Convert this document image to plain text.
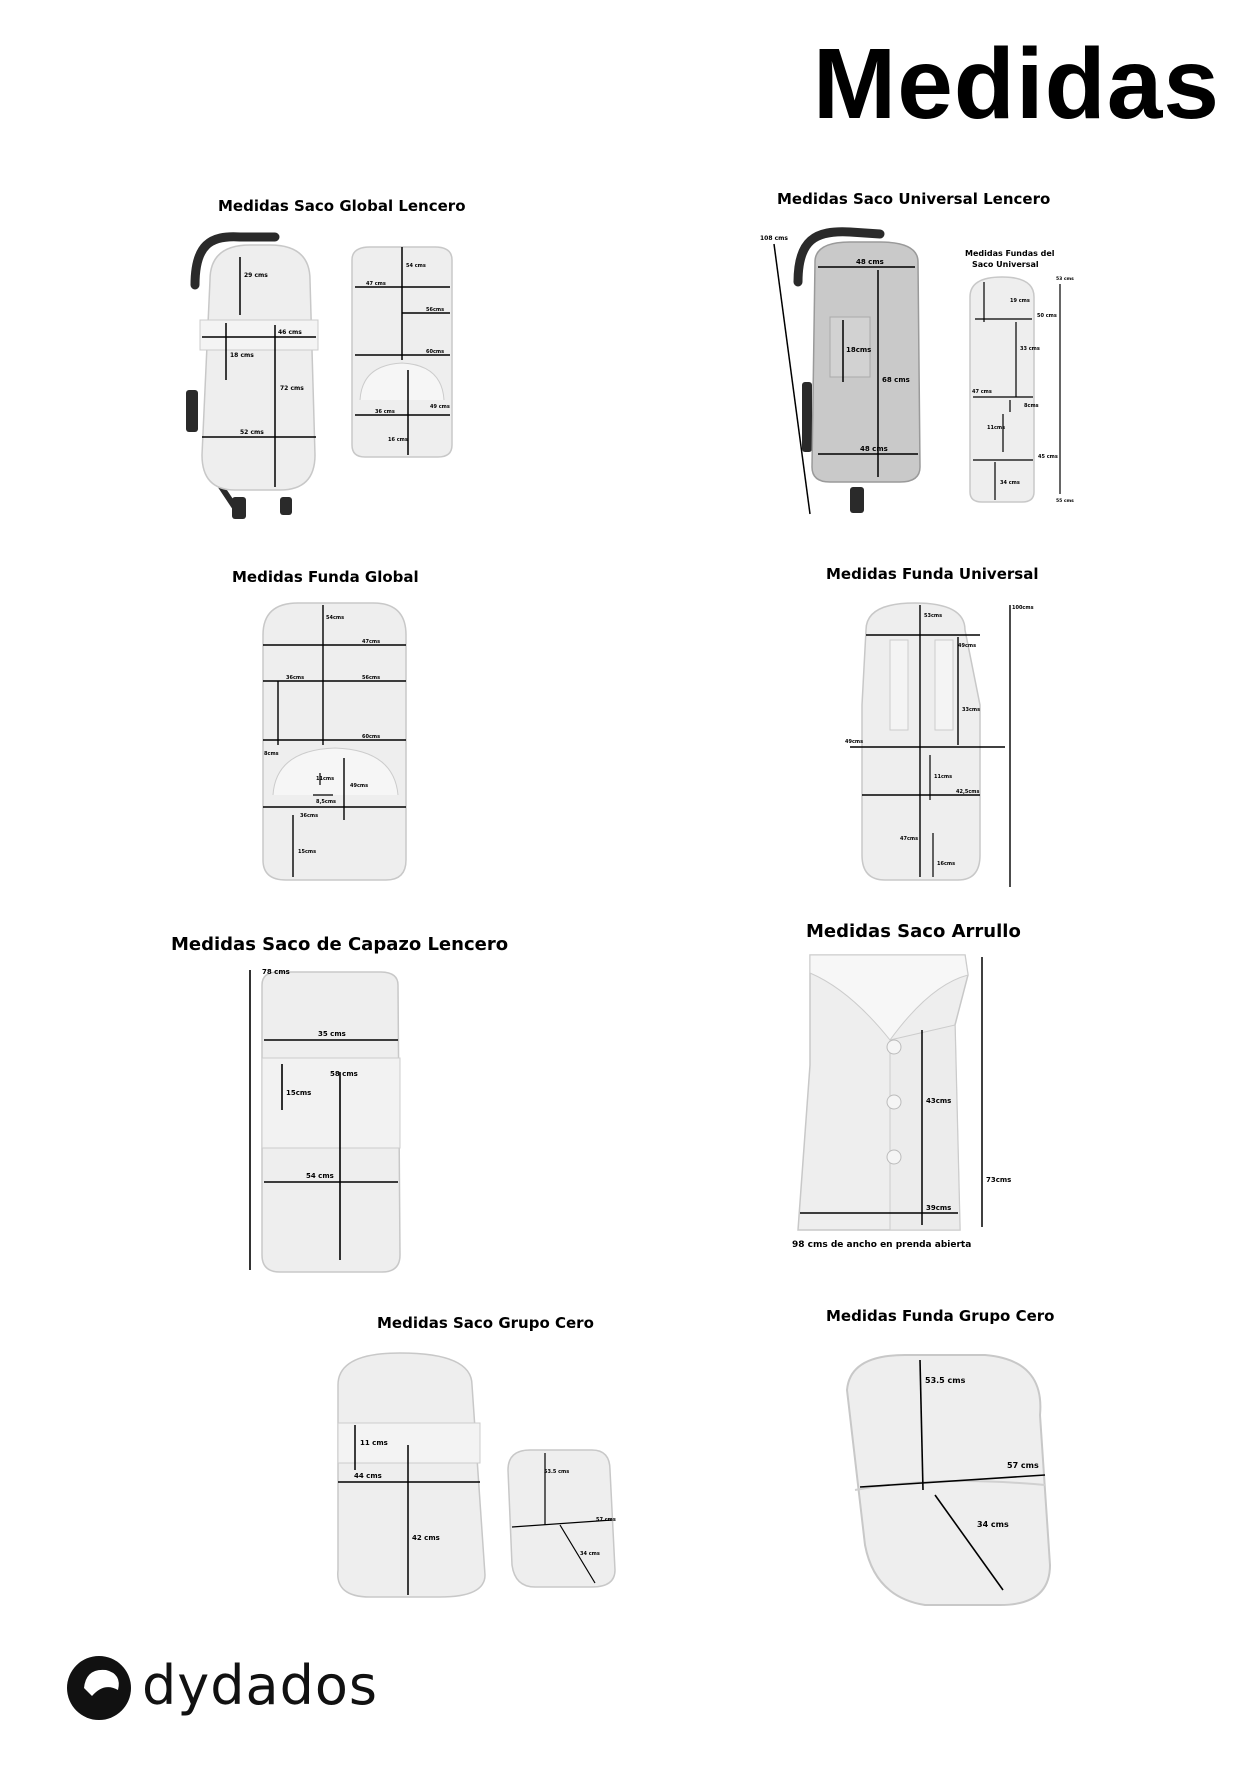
Medidas
Medidas Saco Global Lencero
29 cms
46 cms
18 cms
72 cms
52 cms
54 cms
47 cms
56cms
60cms
36 cms
49 cms
16 cms
Medidas Saco Universal Lencero
108 cms
48 cms
18cms
68 cms
48 cms
Medidas Fundas del
Saco Universal
53 cms
19 cms
50 cms
33 cms
47 cms
8cms
11cms
45 cms
34 cms
55 cms
Medidas Funda Global
54cms
47cms
36cms	56cms
60cms
8cms
11cms
49cms
8,5cms
36cms
15cms
Medidas Funda Universal
53cms
100cms
49cms
33cms
49cms
11cms
42,5cms
47cms
16cms
Medidas Saco de Capazo Lencero
78 cms
35 cms
58 cms
15cms
54 cms
Medidas Saco Arrullo
43cms
73cms
39cms
98 cms de ancho en prenda abierta
Medidas Saco Grupo Cero
11 cms
44 cms
42 cms
53.5 cms
57 cms
34 cms
Medidas Funda Grupo Cero
53.5 cms
57 cms
34 cms
dydados
